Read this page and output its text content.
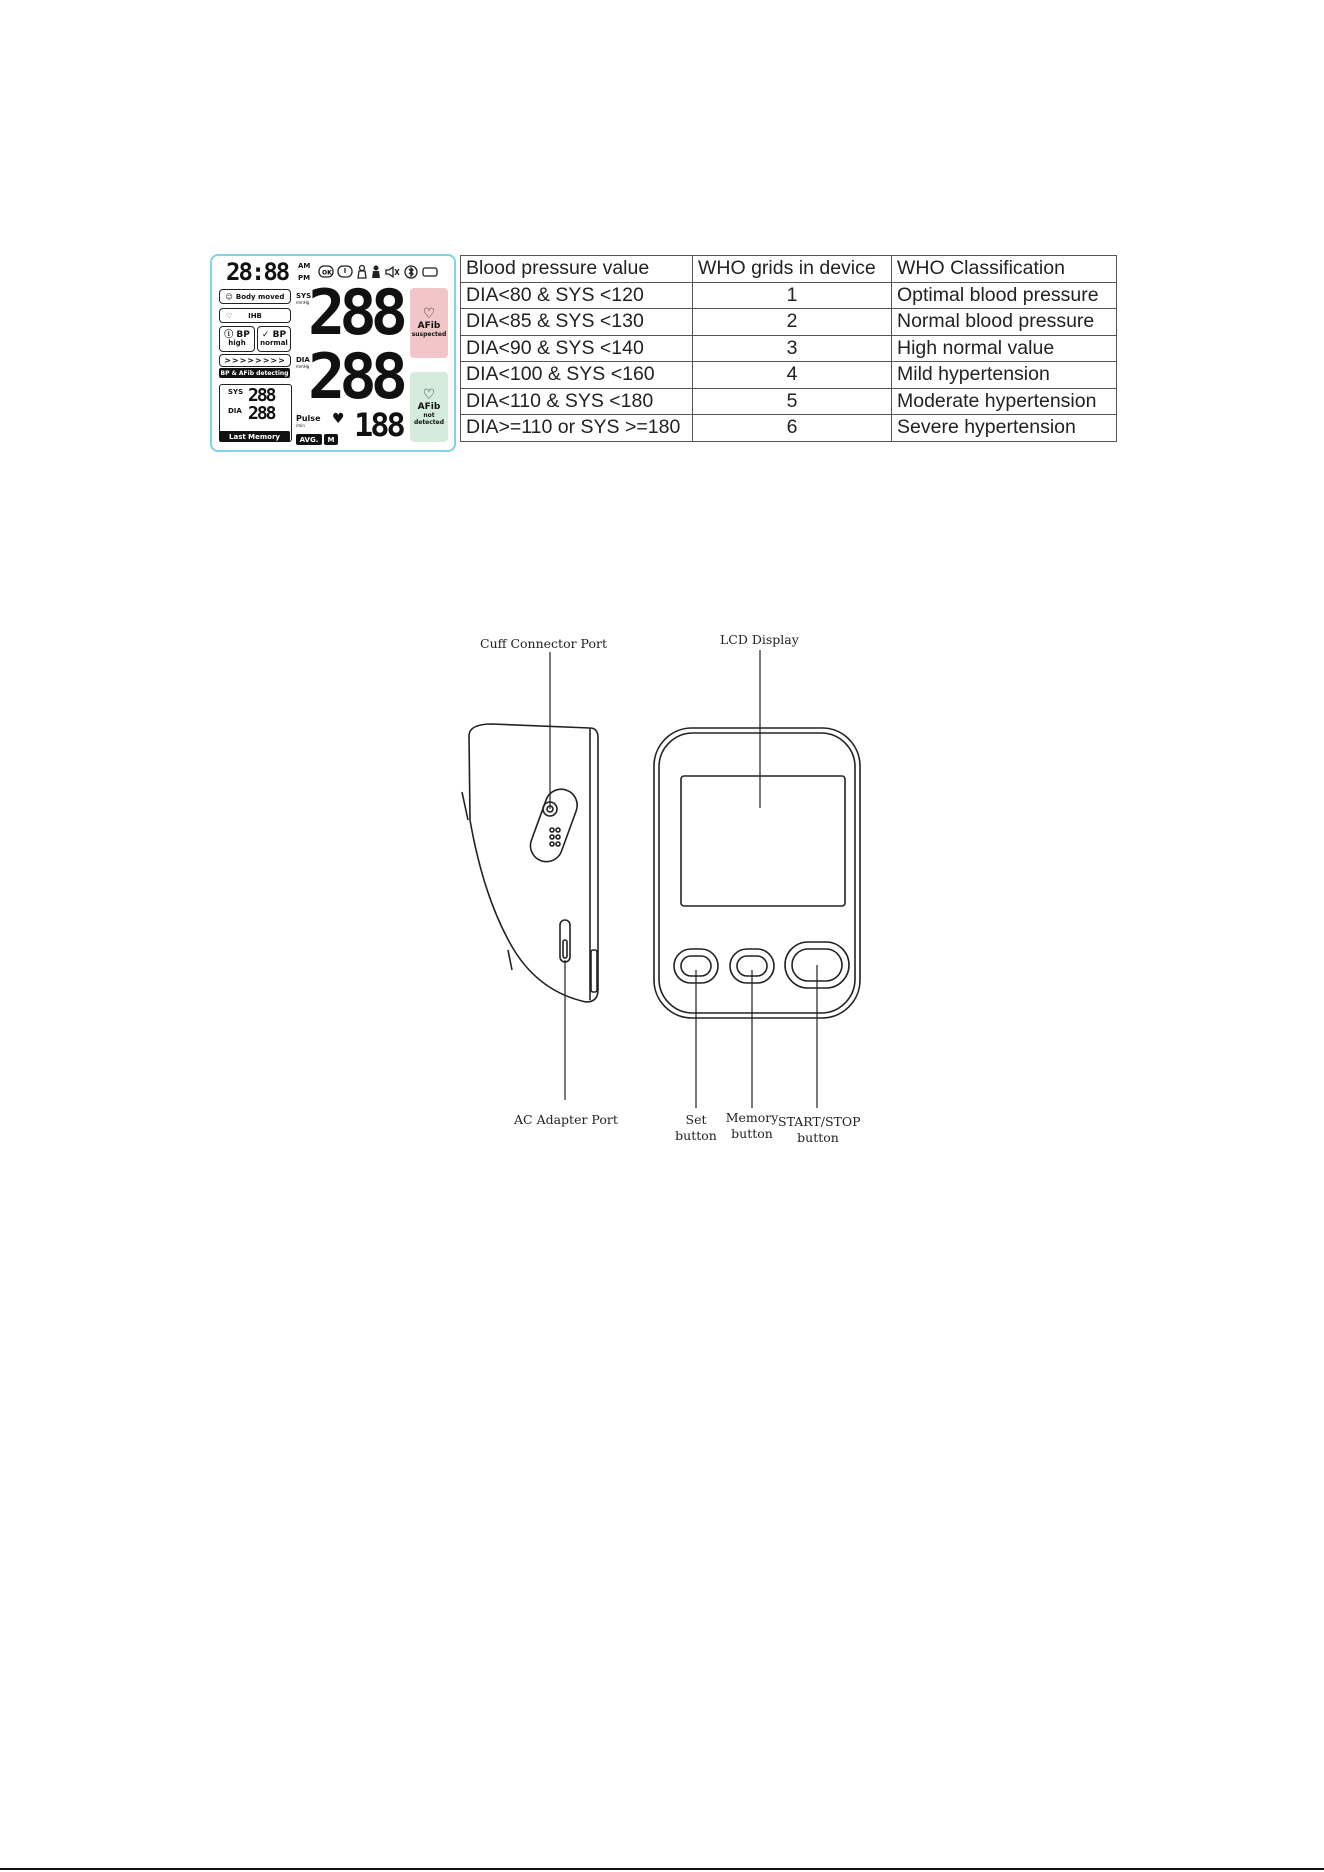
28:88 AM
PM
OK
☺ Body moved
♡ IHB
ⓘ BP
high
✓ BP
normal
>>>>>>>>
BP & AFib detecting
SYS 288
DIA 288
Last Memory
SYS
mmHg
288
DIA
mmHg
288
Pulse
/min ♥ 188
AVG.	M
♡
AFib
suspected
♡
AFib
not
detected
Blood pressure value	WHO grids in device	WHO Classification
DIA<80 & SYS <120	1	Optimal blood pressure
DIA<85 & SYS <130	2	Normal blood pressure
DIA<90 & SYS <140	3	High normal value
DIA<100 & SYS <160	4	Mild hypertension
DIA<110 & SYS <180	5	Moderate hypertension
DIA>=110 or SYS >=180	6	Severe hypertension
Cuff Connector Port	LCD Display
AC Adapter Port	Set
button
Memory
button
START/STOP
button
